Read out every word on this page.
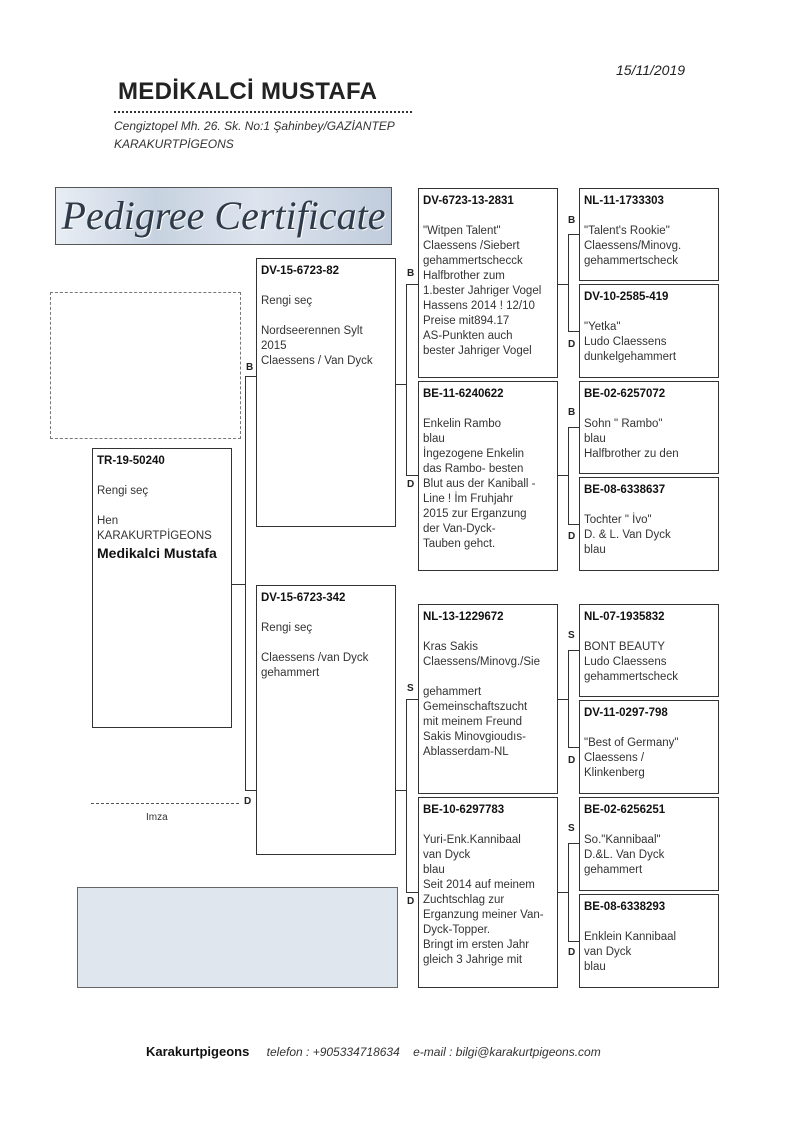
15/11/2019
MEDİKALCİ MUSTAFA
Cengiztopel Mh. 26. Sk. No:1 Şahinbey/GAZİANTEP
KARAKURTPİGEONS
Pedigree Certificate
TR-19-50240
Rengi seç
Hen
KARAKURTPİGEONS
Medikalci Mustafa
DV-15-6723-82
Rengi seç
Nordseerennen Sylt
2015
Claessens / Van Dyck
DV-15-6723-342
Rengi seç
Claessens /van Dyck
gehammert
DV-6723-13-2831
"Witpen Talent"
Claessens /Siebert
gehammertschecck
Halfbrother zum
1.bester Jahriger Vogel
Hassens 2014 ! 12/10
Preise mit894.17
AS-Punkten auch
bester Jahriger Vogel
BE-11-6240622
Enkelin Rambo
blau
İngezogene Enkelin
das Rambo- besten
Blut aus der Kaniball -
Line ! İm Fruhjahr
2015 zur Erganzung
der Van-Dyck-
Tauben gehct.
NL-13-1229672
Kras Sakis
Claessens/Minovg./Sie

gehammert
Gemeinschaftszucht
mit meinem Freund
Sakis Minovgioudıs-
Ablasserdam-NL
BE-10-6297783
Yuri-Enk.Kannibaal
van Dyck
blau
Seit 2014 auf meinem
Zuchtschlag zur
Erganzung meiner Van-
Dyck-Topper.
Bringt im ersten Jahr
gleich 3 Jahrige mit
NL-11-1733303
"Talent's Rookie"
Claessens/Minovg.
gehammertscheck
DV-10-2585-419
"Yetka"
Ludo Claessens
dunkelgehammert
BE-02-6257072
Sohn " Rambo"
blau
Halfbrother zu den
BE-08-6338637
Tochter " İvo"
D. & L. Van Dyck
blau
NL-07-1935832
BONT BEAUTY
Ludo Claessens
gehammertscheck
DV-11-0297-798
"Best of Germany"
Claessens /
Klinkenberg
BE-02-6256251
So."Kannibaal"
D.&L. Van Dyck
gehammert
BE-08-6338293
Enklein Kannibaal
van Dyck
blau
B
D
B
D
S
D
B
D
B
D
S
D
S
D
Imza
Karakurtpigeons telefon : +905334718634 e-mail : bilgi@karakurtpigeons.com
